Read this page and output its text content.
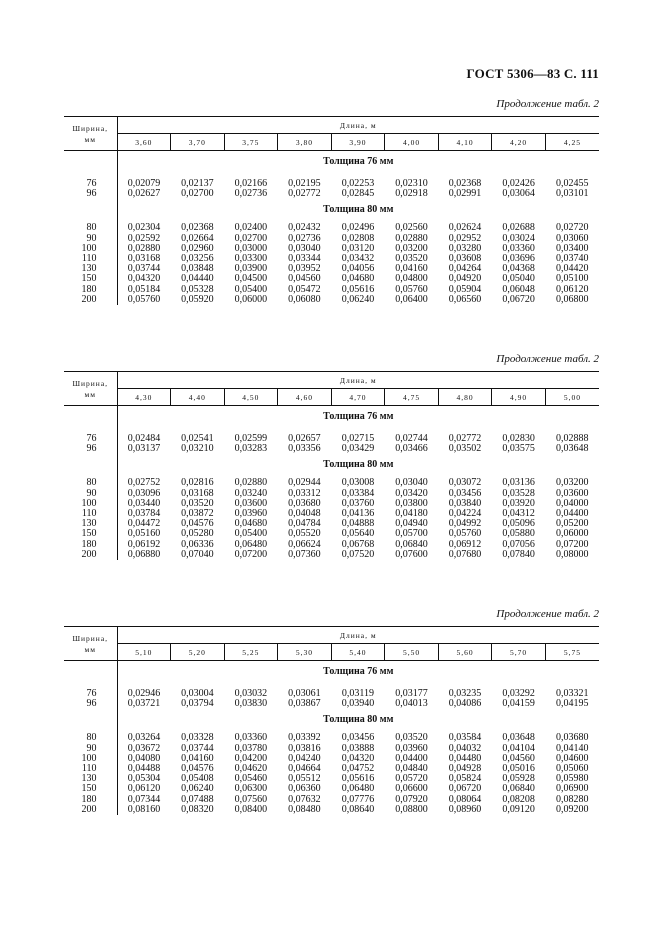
ГОСТ 5306—83 С. 111
Продолжение табл. 2
Ширина,
мм	Длина, м								
	3,60	3,70	3,75	3,80	3,90	4,00	4,10	4,20	4,25
	Толщина 76 мм								

76	0,02079	0,02137	0,02166	0,02195	0,02253	0,02310	0,02368	0,02426	0,02455
96	0,02627	0,02700	0,02736	0,02772	0,02845	0,02918	0,02991	0,03064	0,03101
	Толщина 80 мм								

80	0,02304	0,02368	0,02400	0,02432	0,02496	0,02560	0,02624	0,02688	0,02720
90	0,02592	0,02664	0,02700	0,02736	0,02808	0,02880	0,02952	0,03024	0,03060
100	0,02880	0,02960	0,03000	0,03040	0,03120	0,03200	0,03280	0,03360	0,03400
110	0,03168	0,03256	0,03300	0,03344	0,03432	0,03520	0,03608	0,03696	0,03740
130	0,03744	0,03848	0,03900	0,03952	0,04056	0,04160	0,04264	0,04368	0,04420
150	0,04320	0,04440	0,04500	0,04560	0,04680	0,04800	0,04920	0,05040	0,05100
180	0,05184	0,05328	0,05400	0,05472	0,05616	0,05760	0,05904	0,06048	0,06120
200	0,05760	0,05920	0,06000	0,06080	0,06240	0,06400	0,06560	0,06720	0,06800
Продолжение табл. 2
Ширина,
мм	Длина, м								
	4,30	4,40	4,50	4,60	4,70	4,75	4,80	4,90	5,00
	Толщина 76 мм								

76	0,02484	0,02541	0,02599	0,02657	0,02715	0,02744	0,02772	0,02830	0,02888
96	0,03137	0,03210	0,03283	0,03356	0,03429	0,03466	0,03502	0,03575	0,03648
	Толщина 80 мм								

80	0,02752	0,02816	0,02880	0,02944	0,03008	0,03040	0,03072	0,03136	0,03200
90	0,03096	0,03168	0,03240	0,03312	0,03384	0,03420	0,03456	0,03528	0,03600
100	0,03440	0,03520	0,03600	0,03680	0,03760	0,03800	0,03840	0,03920	0,04000
110	0,03784	0,03872	0,03960	0,04048	0,04136	0,04180	0,04224	0,04312	0,04400
130	0,04472	0,04576	0,04680	0,04784	0,04888	0,04940	0,04992	0,05096	0,05200
150	0,05160	0,05280	0,05400	0,05520	0,05640	0,05700	0,05760	0,05880	0,06000
180	0,06192	0,06336	0,06480	0,06624	0,06768	0,06840	0,06912	0,07056	0,07200
200	0,06880	0,07040	0,07200	0,07360	0,07520	0,07600	0,07680	0,07840	0,08000
Продолжение табл. 2
Ширина,
мм	Длина, м								
	5,10	5,20	5,25	5,30	5,40	5,50	5,60	5,70	5,75
	Толщина 76 мм								

76	0,02946	0,03004	0,03032	0,03061	0,03119	0,03177	0,03235	0,03292	0,03321
96	0,03721	0,03794	0,03830	0,03867	0,03940	0,04013	0,04086	0,04159	0,04195
	Толщина 80 мм								

80	0,03264	0,03328	0,03360	0,03392	0,03456	0,03520	0,03584	0,03648	0,03680
90	0,03672	0,03744	0,03780	0,03816	0,03888	0,03960	0,04032	0,04104	0,04140
100	0,04080	0,04160	0,04200	0,04240	0,04320	0,04400	0,04480	0,04560	0,04600
110	0,04488	0,04576	0,04620	0,04664	0,04752	0,04840	0,04928	0,05016	0,05060
130	0,05304	0,05408	0,05460	0,05512	0,05616	0,05720	0,05824	0,05928	0,05980
150	0,06120	0,06240	0,06300	0,06360	0,06480	0,06600	0,06720	0,06840	0,06900
180	0,07344	0,07488	0,07560	0,07632	0,07776	0,07920	0,08064	0,08208	0,08280
200	0,08160	0,08320	0,08400	0,08480	0,08640	0,08800	0,08960	0,09120	0,09200
